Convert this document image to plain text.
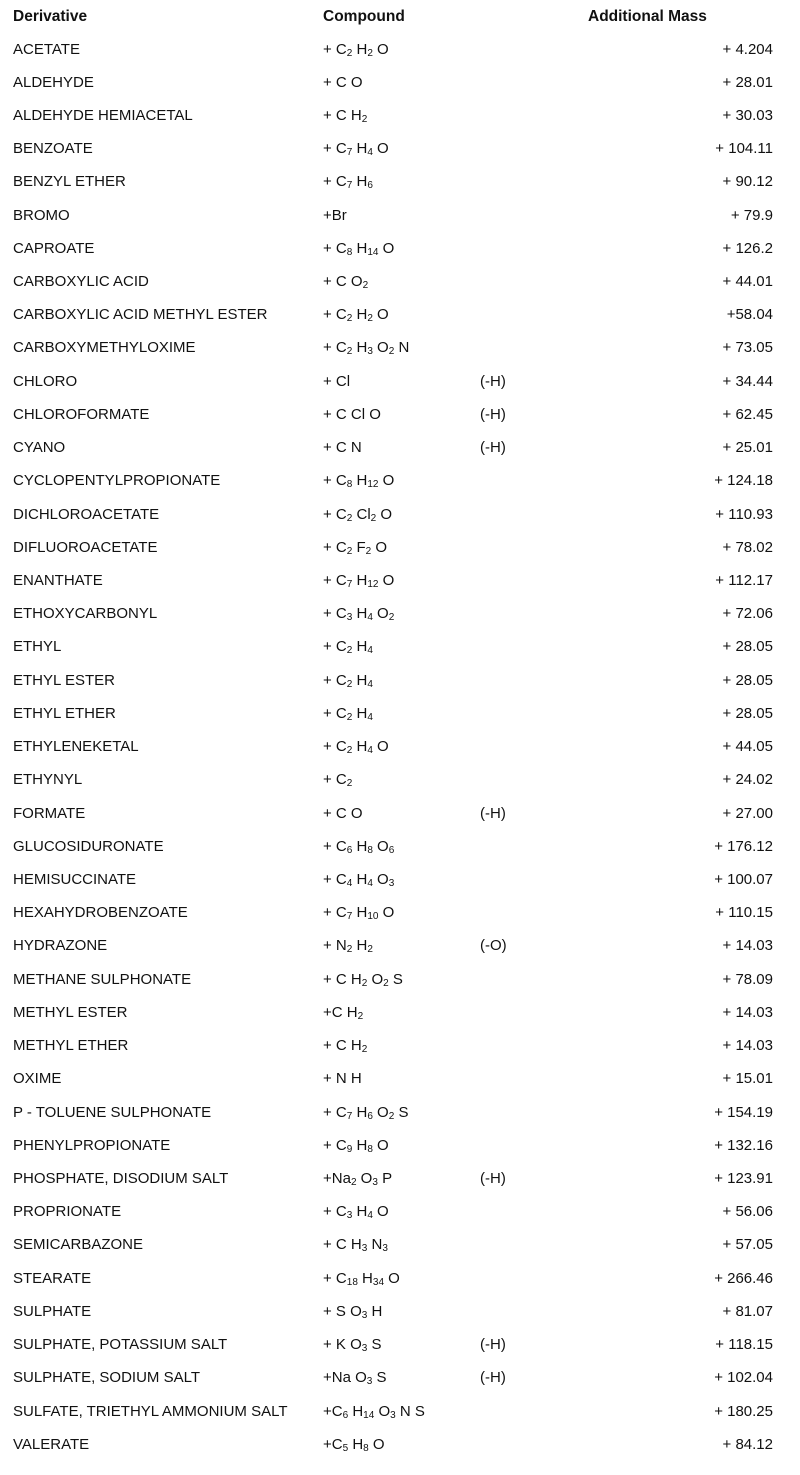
Derivative	Compound	Additional Mass
ACETATE	+ $C_2$ $H_2$ O	+ 4.204
ALDEHYDE	+ C O	+ 28.01
ALDEHYDE HEMIACETAL	+ C $H_2$	+ 30.03
BENZOATE	+ $C_7$ $H_4$ O	+ 104.11
BENZYL ETHER	+ $C_7$ $H_6$	+ 90.12
BROMO	+Br	+ 79.9
CAPROATE	+ $C_8$ $H_{14}$ O	+ 126.2
CARBOXYLIC ACID	+ C $O_2$	+ 44.01
CARBOXYLIC ACID METHYL ESTER	+ $C_2$ $H_2$ O	+58.04
CARBOXYMETHYLOXIME	+ $C_2$ $H_3$ $O_2$ N	+ 73.05
CHLORO	+ Cl	(-H)	+ 34.44
CHLOROFORMATE	+ C Cl O	(-H)	+ 62.45
CYANO	+ C N	(-H)	+ 25.01
CYCLOPENTYLPROPIONATE	+ $C_8$ $H_{12}$ O	+ 124.18
DICHLOROACETATE	+ $C_2$ $Cl_2$ O	+ 110.93
DIFLUOROACETATE	+ $C_2$ $F_2$ O	+ 78.02
ENANTHATE	+ $C_7$ $H_{12}$ O	+ 112.17
ETHOXYCARBONYL	+ $C_3$ $H_4$ $O_2$	+ 72.06
ETHYL	+ $C_2$ $H_4$	+ 28.05
ETHYL ESTER	+ $C_2$ $H_4$	+ 28.05
ETHYL ETHER	+ $C_2$ $H_4$	+ 28.05
ETHYLENEKETAL	+ $C_2$ $H_4$ O	+ 44.05
ETHYNYL	+ $C_2$	+ 24.02
FORMATE	+ C O	(-H)	+ 27.00
GLUCOSIDURONATE	+ $C_6$ $H_8$ $O_6$	+ 176.12
HEMISUCCINATE	+ $C_4$ $H_4$ $O_3$	+ 100.07
HEXAHYDROBENZOATE	+ $C_7$ $H_{10}$ O	+ 110.15
HYDRAZONE	+ $N_2$ $H_2$	(-O)	+ 14.03
METHANE SULPHONATE	+ C $H_2$ $O_2$ S	+ 78.09
METHYL ESTER	+C $H_2$	+ 14.03
METHYL ETHER	+ C $H_2$	+ 14.03
OXIME	+ N H	+ 15.01
P - TOLUENE SULPHONATE	+ $C_7$ $H_6$ $O_2$ S	+ 154.19
PHENYLPROPIONATE	+ $C_9$ $H_8$ O	+ 132.16
PHOSPHATE, DISODIUM SALT	$+Na_2$ $O_3$ P	(-H)	+ 123.91
PROPRIONATE	+ $C_3$ $H_4$ O	+ 56.06
SEMICARBAZONE	+ C $H_3$ $N_3$	+ 57.05
STEARATE	+ $C_{18}$ $H_{34}$ O	+ 266.46
SULPHATE	+ S $O_3$ H	+ 81.07
SULPHATE, POTASSIUM SALT	+ K $O_3$ S	(-H)	+ 118.15
SULPHATE, SODIUM SALT	+Na $O_3$ S	(-H)	+ 102.04
SULFATE, TRIETHYL AMMONIUM SALT $+C_6$ $H_{14}$ $O_3$ N S	+ 180.25
VALERATE	$+C_5$ $H_8$ O	+ 84.12
